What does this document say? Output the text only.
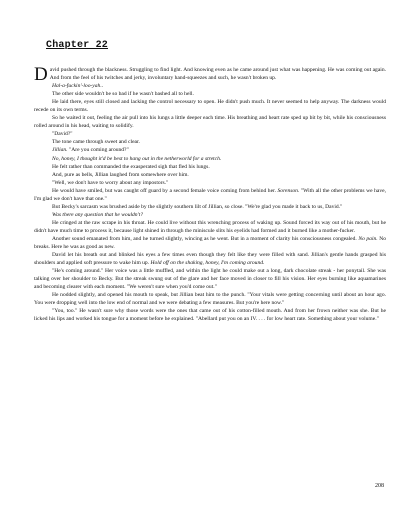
Chapter 22

David pushed through the blackness. Struggling to find light. And knowing even as he came around just what was happening. He was coming out again. And from the feel of his twitches and jerky, involuntary hand-squeezes and such, he wasn't broken up.

Hal-a-fuckin'-loo-yah..

The other side wouldn't be so bad if he wasn't bashed all to hell.

He laid there, eyes still closed and lacking the control necessary to open. He didn't push much. It never seemed to help anyway. The darkness would recede on its own terms.

So he waited it out, feeling the air pull into his lungs a little deeper each time. His breathing and heart rate sped up bit by bit, while his consciousness rolled around in his head, waiting to solidify.

"David?"

The tone came through sweet and clear.

Jillian. "Are you coming around?"

No, honey, I thought it'd be best to hang out in the netherworld for a stretch.

He felt rather than commanded the exasperated sigh that fled his lungs.

And, pure as bells, Jillian laughed from somewhere over him.

"Well, we don't have to worry about any impostors."

He would have smiled, but was caught off guard by a second female voice coming from behind her. Sorenson. "With all the other problems we have, I'm glad we don't have that one."

But Becky's sarcasm was brushed aside by the slightly southern lilt of Jillian, so close. "We're glad you made it back to us, David."

Was there any question that he wouldn't?

He cringed at the raw scrape in his throat. He could live without this wrenching process of waking up. Sound forced its way out of his mouth, but he didn't have much time to process it, because light shined in through the miniscule slits his eyelids had formed and it burned like a mother-fucker.

Another sound emanated from him, and he turned slightly, wincing as he went. But in a moment of clarity his consciousness congealed. No pain. No breaks. Here he was as good as new.

David let his breath out and blinked his eyes a few times even though they felt like they were filled with sand. Jillian's gentle hands grasped his shoulders and applied soft pressure to wake him up. Hold off on the shaking, honey, I'm coming around.

"He's coming around." Her voice was a little muffled, and within the light he could make out a long, dark chocolate streak - her ponytail. She was talking over her shoulder to Becky. But the streak swung out of the glare and her face moved in closer to fill his vision. Her eyes burning like aquamarines and becoming clearer with each moment. "We weren't sure when you'd come out."

He nodded slightly, and opened his mouth to speak, but Jillian beat him to the punch. "Your vitals were getting concerning until about an hour ago. You were dropping well into the low end of normal and we were debating a few measures. But you're here now."

"You, too." He wasn't sure why those words were the ones that came out of his cotton-filled mouth. And from her frown neither was she. But he licked his lips and worked his tongue for a moment before he explained. "Abellard put you on an IV. . . . for low heart rate. Something about your volume."

208
